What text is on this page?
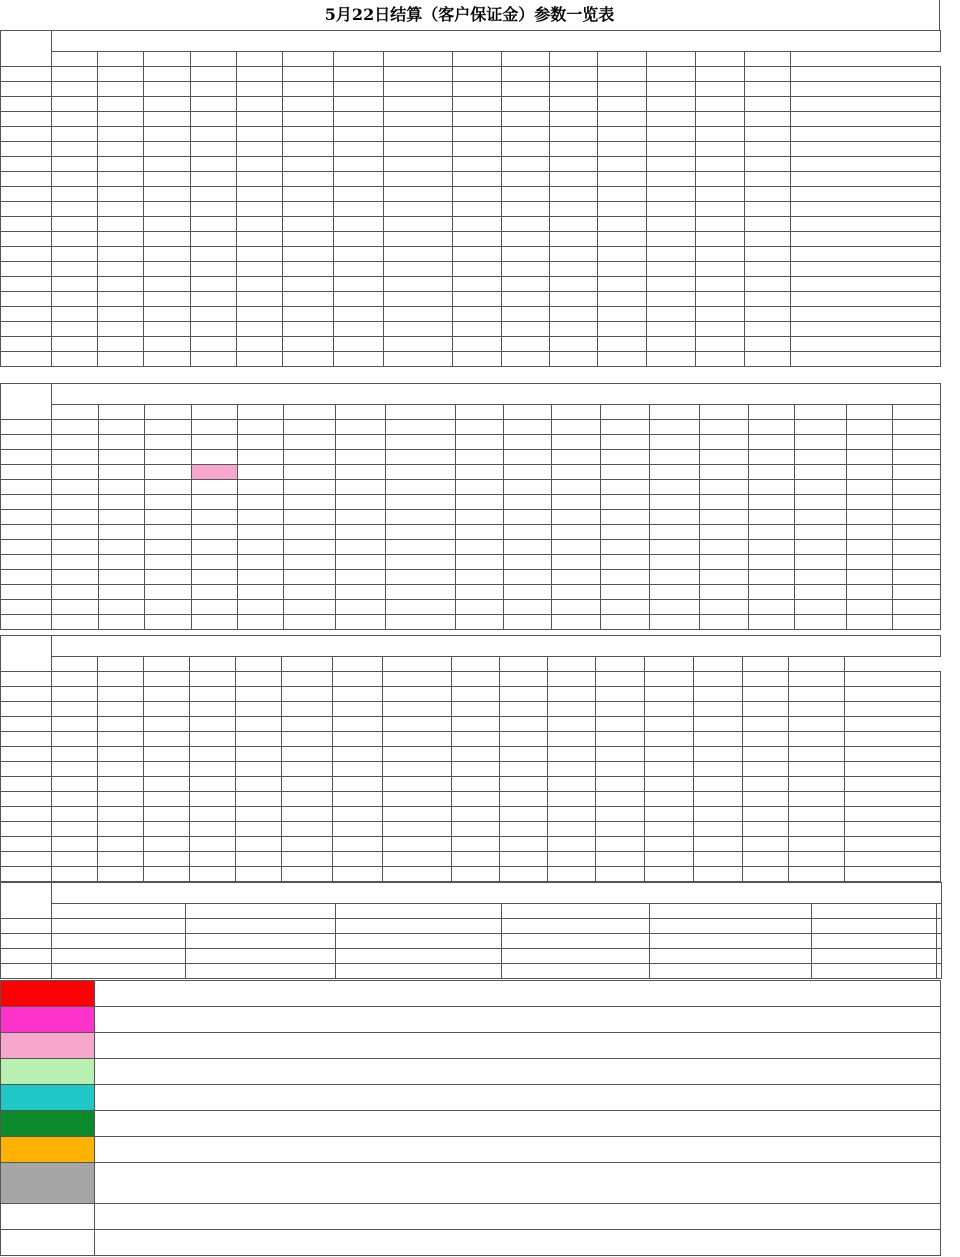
5月22日结算（客户保证金）参数一览表
